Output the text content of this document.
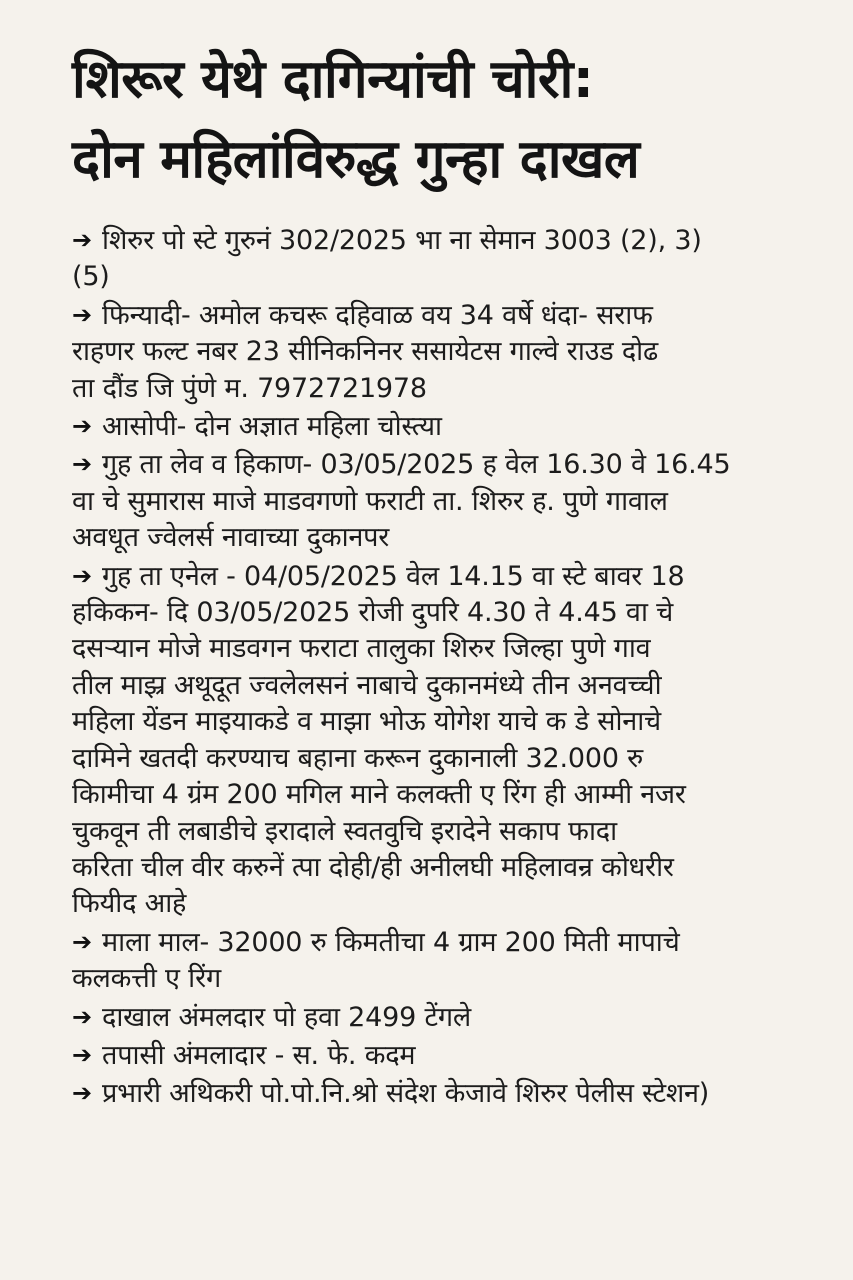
शिरूर येथे दागिन्यांची चोरी:
दोन महिलांविरुद्ध गुन्हा दाखल
➔ शिरुर पो स्टे गुरुनं 302/2025 भा ना सेमान 3003 (2), 3)
(5)
➔ फिन्यादी- अमोल कचरू दहिवाळ वय 34 वर्षे धंदा- सराफ
राहणर फल्ट नबर 23 सीनिकनिनर ससायेटस गाल्वे राउड दोढ
ता दौंड जि पुंणे म. 7972721978
➔ आसोपी- दोन अज्ञात महिला चोस्त्या
➔ गुह ता लेव व हिकाण- 03/05/2025 ह वेल 16.30 वे 16.45
वा चे सुमारास माजे माडवगणो फराटी ता. शिरुर ह. पुणे गावाल
अवधूत ज्वेलर्स नावाच्या दुकानपर
➔ गुह ता एनेल - 04/05/2025 वेल 14.15 वा स्टे बावर 18
हकिकन- दि 03/05/2025 रोजी दुपरि 4.30 ते 4.45 वा चे
दसऱ्यान मोजे माडवगन फराटा तालुका शिरुर जिल्हा पुणे गाव
तील माझ्र अथूदूत ज्वलेलसनं नाबाचे दुकानमंध्ये तीन अनवच्ची
महिला येंडन माइयाकडे व माझा भोऊ योगेश याचे क डे सोनाचे
दामिने खतदी करण्याच बहाना करून दुकानाली 32.000 रु
किामीचा 4 ग्रंम 200 मगिल माने कलक्ती ए रिंग ही आम्मी नजर
चुकवून ती लबाडीचे इरादाले स्वतवुचि इरादेने सकाप फादा
करिता चील वीर करुनें त्पा दोही/ही अनीलघी महिलावन्र कोधरीर
फियीद आहे
➔ माला माल- 32000 रु किमतीचा 4 ग्राम 200 मिती मापाचे
कलकत्ती ए रिंग
➔ दाखाल अंमलदार पो हवा 2499 टेंगले
➔ तपासी अंमलादार - स. फे. कदम
➔ प्रभारी अथिकरी पो.पो.नि.श्रो संदेश केजावे शिरुर पेलीस स्टेशन)
